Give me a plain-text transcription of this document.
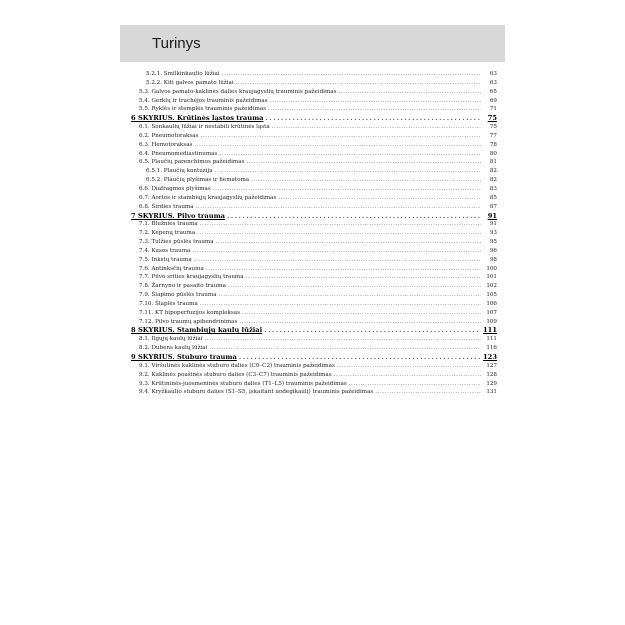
Turinys
5.2.1. Smilkinkaulio lūžiai . . .	63
5.2.2. Kiti galvos pamato lūžiai . . .	63
5.3. Galvos pamato-kaklinės dalies kraujagyslių trauminis pažeidimas . . .	65
5.4. Gerklų ir trachėjos trauminis pažeidimas . . .	69
5.5. Ryklės ir stemplės trauminis pažeidimas . . .	71
6 SKYRIUS. Krūtinės ląstos trauma . . .	75
6.1. Sonkaulių lūžiai ir nestabili krūtinės ląsta . . .	75
6.2. Pneumotoraksas . . .	77
6.3. Hemotoraksas . . .	78
6.4. Pneumomediastinumas . . .	80
6.5. Plaučių parenchimos pažeidimas . . .	81
6.5.1. Plaučių kontuzija . . .	82
6.5.2. Plaučių plyšimas ir hematoma . . .	82
6.6. Diafragmos plyšimas . . .	83
6.7. Aortos ir stambiųjų kraujagyslių pažeidimas . . .	85
6.8. Širdies trauma . . .	87
7 SKYRIUS. Pilvo trauma . . .	91
7.1. Blužnies trauma . . .	91
7.2. Kepenų trauma . . .	93
7.3. Tulžies pūslės trauma . . .	95
7.4. Kasos trauma . . .	96
7.5. Inkstų trauma . . .	98
7.6. Antinksčių trauma . . .	100
7.7. Pilvo srities kraujagyslių trauma . . .	101
7.8. Žarnyno ir pasaito trauma . . .	102
7.9. Šlapimo pūslės trauma . . .	105
7.10. Šlaplės trauma . . .	106
7.11. KT hipoperfuzijos kompleksas . . .	107
7.12. Pilvo traumų apibendrinimas . . .	109
8 SKYRIUS. Stambiųjų kaulų lūžiai . . .	111
8.1. Ilgųjų kaulų lūžiai . . .	111
8.2. Dubens kaulų lūžiai . . .	116
9 SKYRIUS. Stuburo trauma . . .	123
9.1. Viršutinės kaklinės stuburo dalies (C0–C2) trauminis pažeidimas . . .	127
9.2. Kaklinės poašinės stuburo dalies (C3–C7) trauminis pažeidimas . . .	128
9.3. Krūtininės-juosmeninės stuburo dalies (T1–L5) trauminis pažeidimas . . .	129
9.4. Kryžkaulio stuburo dalies (S1–S5, įskaitant uodegikaulį) trauminis pažeidimas . . .	131
